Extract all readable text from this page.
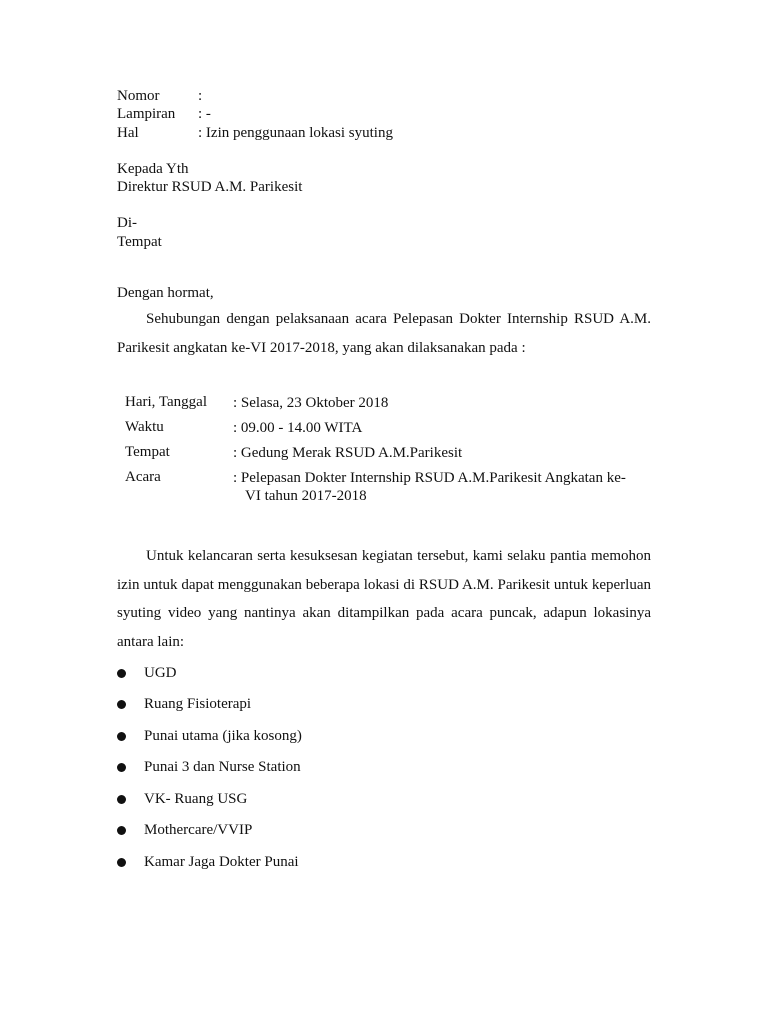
Nomor	:
Lampiran : -
Hal	: Izin penggunaan lokasi syuting
Kepada Yth
Direktur RSUD A.M. Parikesit
Di-
Tempat
Dengan hormat,
Sehubungan dengan pelaksanaan acara Pelepasan Dokter Internship RSUD A.M. Parikesit angkatan ke-VI 2017-2018, yang akan dilaksanakan pada :
Hari, Tanggal : Selasa, 23 Oktober 2018
Waktu	: 09.00 - 14.00 WITA
Tempat	: Gedung Merak RSUD A.M.Parikesit
Acara	: Pelepasan Dokter Internship RSUD A.M.Parikesit Angkatan ke-
VI tahun 2017-2018
Untuk kelancaran serta kesuksesan kegiatan tersebut, kami selaku pantia memohon izin untuk dapat menggunakan beberapa lokasi di RSUD A.M. Parikesit untuk keperluan syuting video yang nantinya akan ditampilkan pada acara puncak, adapun lokasinya antara lain:
UGD
Ruang Fisioterapi
Punai utama (jika kosong)
Punai 3 dan Nurse Station
VK- Ruang USG
Mothercare/VVIP
Kamar Jaga Dokter Punai
